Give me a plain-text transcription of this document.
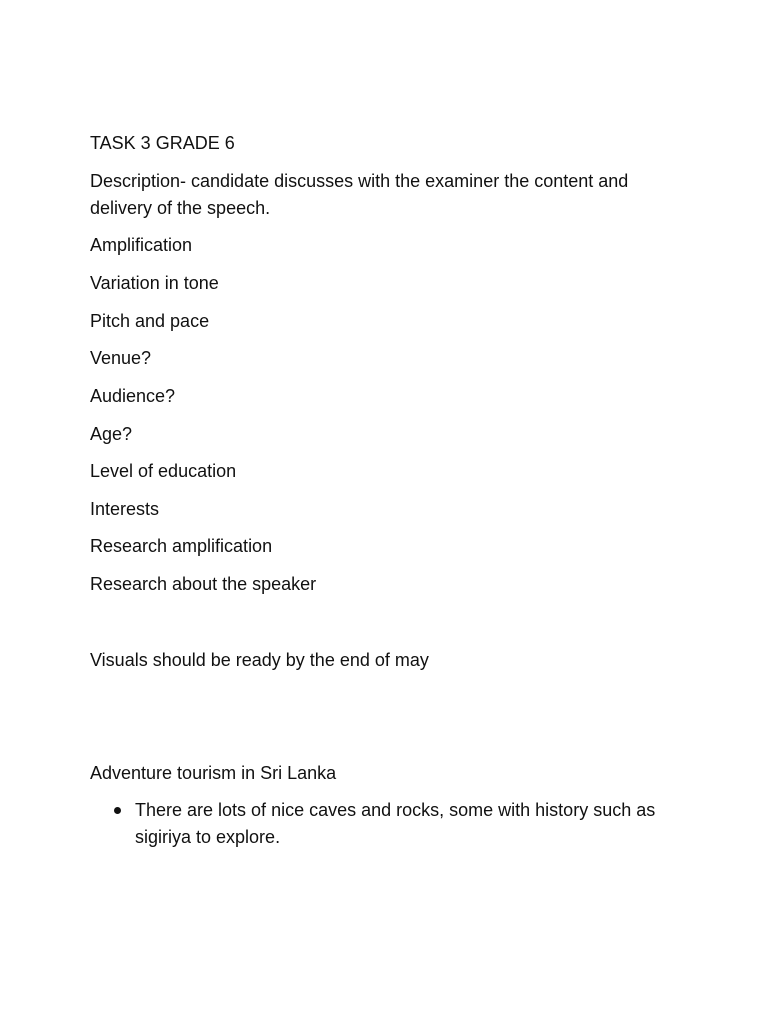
TASK 3 GRADE 6
Description- candidate discusses with the examiner the content and delivery of the speech.
Amplification
Variation in tone
Pitch and pace
Venue?
Audience?
Age?
Level of education
Interests
Research amplification
Research about the speaker
Visuals should be ready by the end of may
Adventure tourism in Sri Lanka
There are lots of nice caves and rocks, some with history such as sigiriya to explore.
